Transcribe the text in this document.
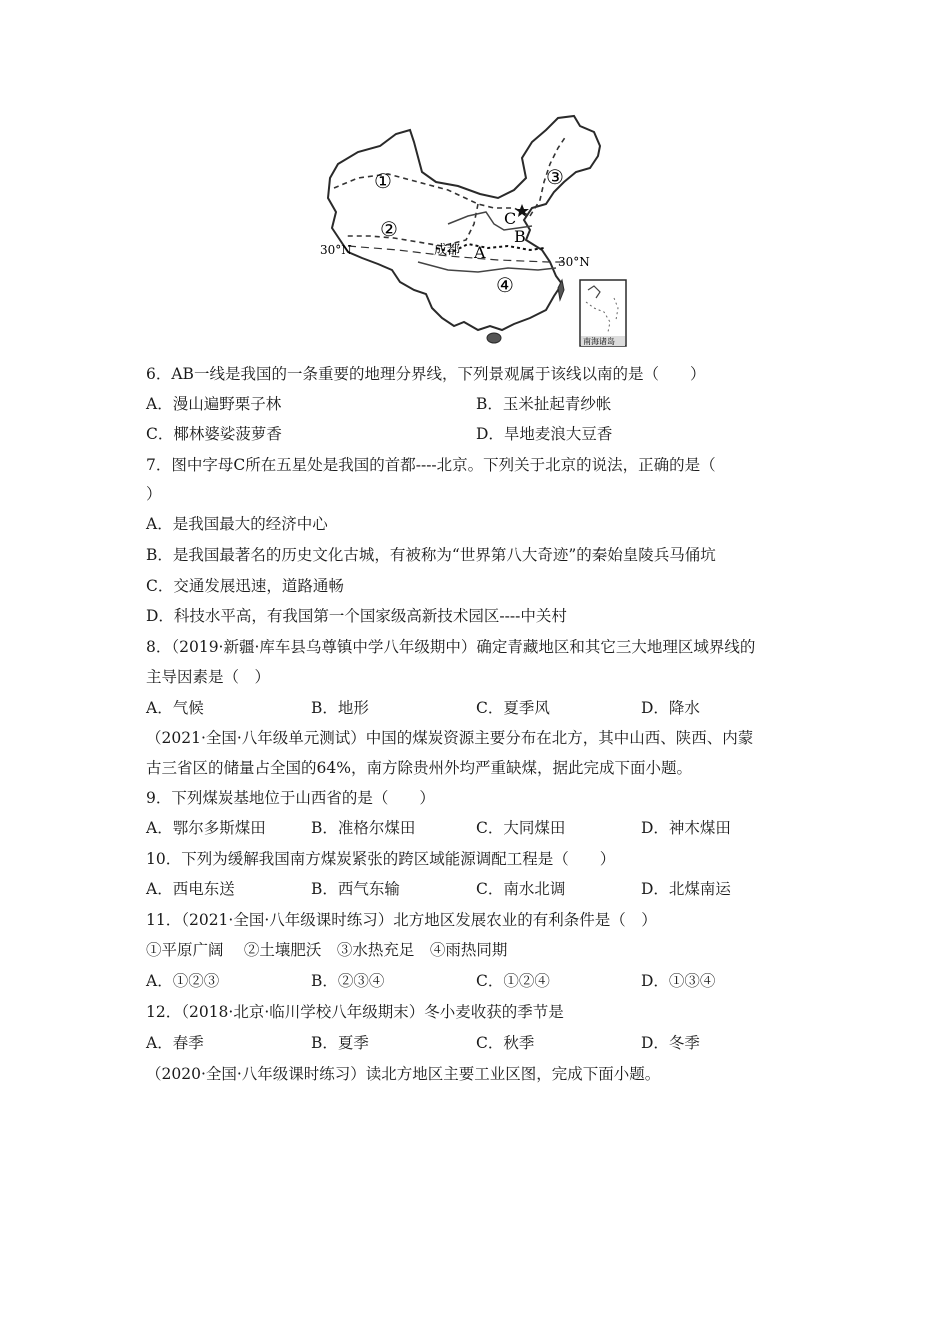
①
②
③
④
A
B
C
成都
30°N
30°N
南海诸岛
6．AB一线是我国的一条重要的地理分界线，下列景观属于该线以南的是（　　）
A．漫山遍野栗子林	B．玉米扯起青纱帐
C．椰林婆娑菠萝香	D．旱地麦浪大豆香
7．图中字母C所在五星处是我国的首都----北京。下列关于北京的说法，正确的是（
）
A．是我国最大的经济中心
B．是我国最著名的历史文化古城，有被称为“世界第八大奇迹”的秦始皇陵兵马俑坑
C．交通发展迅速，道路通畅
D．科技水平高，有我国第一个国家级高新技术园区----中关村
8．（2019·新疆·库车县乌尊镇中学八年级期中）确定青藏地区和其它三大地理区域界线的
主导因素是（　）
A．气候	B．地形	C．夏季风	D．降水
（2021·全国·八年级单元测试）中国的煤炭资源主要分布在北方，其中山西、陕西、内蒙
古三省区的储量占全国的64%，南方除贵州外均严重缺煤，据此完成下面小题。
9．下列煤炭基地位于山西省的是（　　）
A．鄂尔多斯煤田	B．准格尔煤田	C．大同煤田	D．神木煤田
10．下列为缓解我国南方煤炭紧张的跨区域能源调配工程是（　　）
A．西电东送	B．西气东输	C．南水北调	D．北煤南运
11．（2021·全国·八年级课时练习）北方地区发展农业的有利条件是（　）
①平原广阔　 ②土壤肥沃　③水热充足　④雨热同期
A．①②③	B．②③④	C．①②④	D．①③④
12．（2018·北京·临川学校八年级期末）冬小麦收获的季节是
A．春季	B．夏季	C．秋季	D．冬季
（2020·全国·八年级课时练习）读北方地区主要工业区图，完成下面小题。
